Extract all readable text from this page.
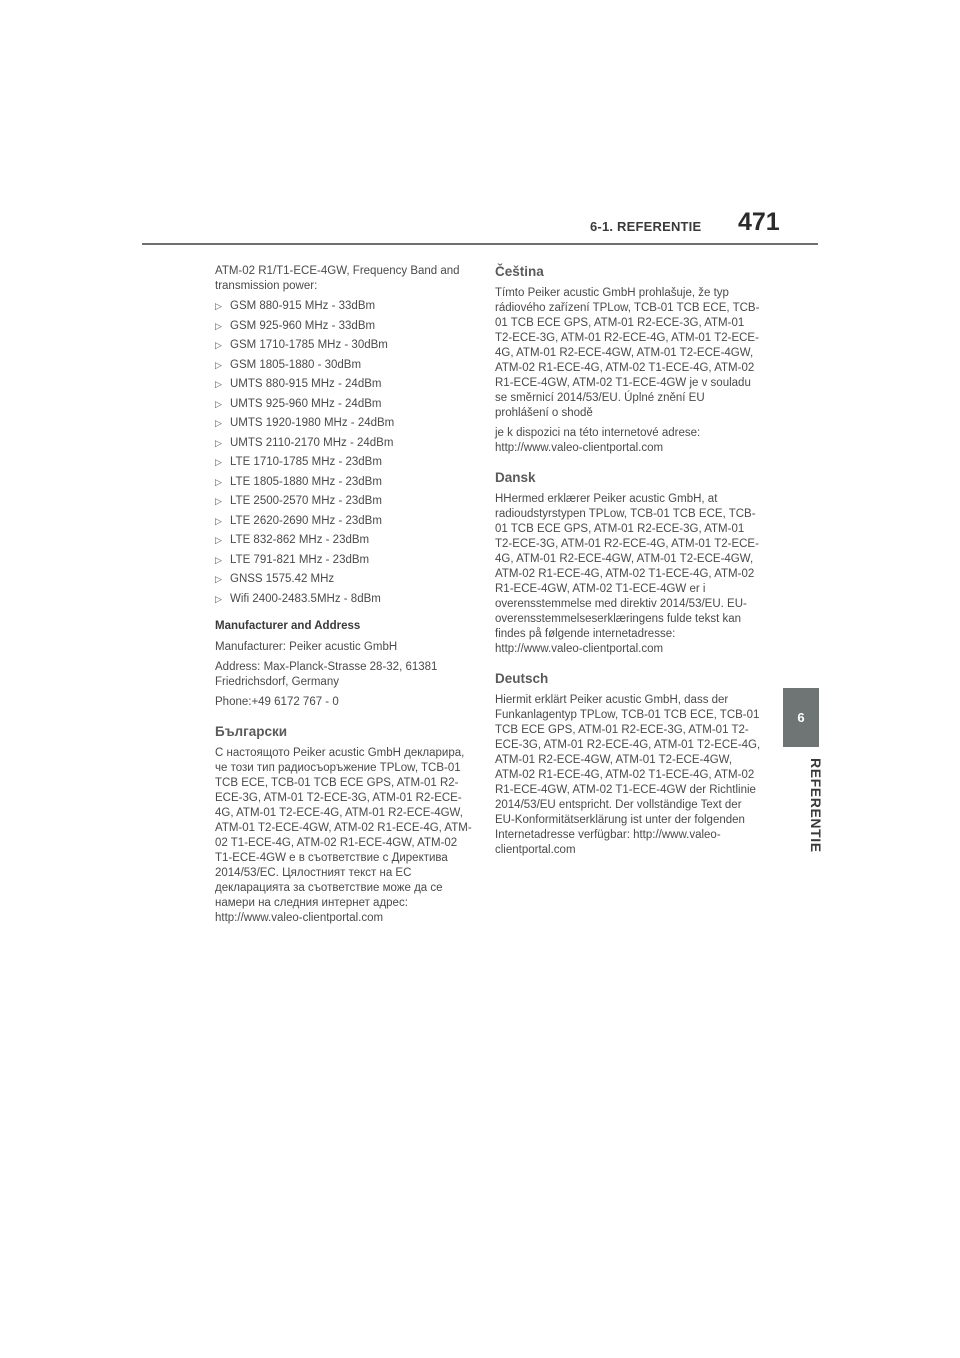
6-1. REFERENTIE 471
6
REFERENTIE

ATM-02 R1/T1-ECE-4GW, Frequency Band and transmission power:

▷ GSM 880-915 MHz - 33dBm
▷ GSM 925-960 MHz - 33dBm
▷ GSM 1710-1785 MHz - 30dBm
▷ GSM 1805-1880 - 30dBm
▷ UMTS 880-915 MHz - 24dBm
▷ UMTS 925-960 MHz - 24dBm
▷ UMTS 1920-1980 MHz - 24dBm
▷ UMTS 2110-2170 MHz - 24dBm
▷ LTE 1710-1785 MHz - 23dBm
▷ LTE 1805-1880 MHz - 23dBm
▷ LTE 2500-2570 MHz - 23dBm
▷ LTE 2620-2690 MHz - 23dBm
▷ LTE 832-862 MHz - 23dBm
▷ LTE 791-821 MHz - 23dBm
▷ GNSS 1575.42 MHz
▷ Wifi 2400-2483.5MHz - 8dBm
Manufacturer and Address

Manufacturer: Peiker acustic GmbH

Address: Max-Planck-Strasse 28-32, 61381 Friedrichsdorf, Germany

Phone:+49 6172 767 - 0

Български

С настоящото Peiker acustic GmbH декларира, че този тип радиосъоръжение TPLow, TCB-01 TCB ECE, TCB-01 TCB ECE GPS, ATM-01 R2-ECE-3G, ATM-01 T2-ECE-3G, ATM-01 R2-ECE-4G, ATM-01 T2-ECE-4G, ATM-01 R2-ECE-4GW, ATM-01 T2-ECE-4GW, ATM-02 R1-ECE-4G, ATM-02 T1-ECE-4G, ATM-02 R1-ECE-4GW, ATM-02 T1-ECE-4GW е в съответствие с Директива 2014/53/ЕС. Цялостният текст на ЕС декларацията за съответствие може да се намери на следния интернет адрес: http://www.valeo-clientportal.com

Čeština

Tímto Peiker acustic GmbH prohlašuje, že typ rádiového zařízení TPLow, TCB-01 TCB ECE, TCB-01 TCB ECE GPS, ATM-01 R2-ECE-3G, ATM-01 T2-ECE-3G, ATM-01 R2-ECE-4G, ATM-01 T2-ECE-4G, ATM-01 R2-ECE-4GW, ATM-01 T2-ECE-4GW, ATM-02 R1-ECE-4G, ATM-02 T1-ECE-4G, ATM-02 R1-ECE-4GW, ATM-02 T1-ECE-4GW je v souladu se směrnicí 2014/53/EU. Úplné znění EU prohlášení o shodě

je k dispozici na této internetové adrese: http://www.valeo-clientportal.com

Dansk

HHermed erklærer Peiker acustic GmbH, at radioudstyrstypen TPLow, TCB-01 TCB ECE, TCB-01 TCB ECE GPS, ATM-01 R2-ECE-3G, ATM-01 T2-ECE-3G, ATM-01 R2-ECE-4G, ATM-01 T2-ECE-4G, ATM-01 R2-ECE-4GW, ATM-01 T2-ECE-4GW, ATM-02 R1-ECE-4G, ATM-02 T1-ECE-4G, ATM-02 R1-ECE-4GW, ATM-02 T1-ECE-4GW er i overensstemmelse med direktiv 2014/53/EU. EU-overensstemmelseserklæringens fulde tekst kan findes på følgende internetadresse: http://www.valeo-clientportal.com

Deutsch

Hiermit erklärt Peiker acustic GmbH, dass der Funkanlagentyp TPLow, TCB-01 TCB ECE, TCB-01 TCB ECE GPS, ATM-01 R2-ECE-3G, ATM-01 T2-ECE-3G, ATM-01 R2-ECE-4G, ATM-01 T2-ECE-4G, ATM-01 R2-ECE-4GW, ATM-01 T2-ECE-4GW, ATM-02 R1-ECE-4G, ATM-02 T1-ECE-4G, ATM-02 R1-ECE-4GW, ATM-02 T1-ECE-4GW der Richtlinie 2014/53/EU entspricht. Der vollständige Text der EU-Konformitätserklärung ist unter der folgenden Internetadresse verfügbar: http://www.valeo-clientportal.com
